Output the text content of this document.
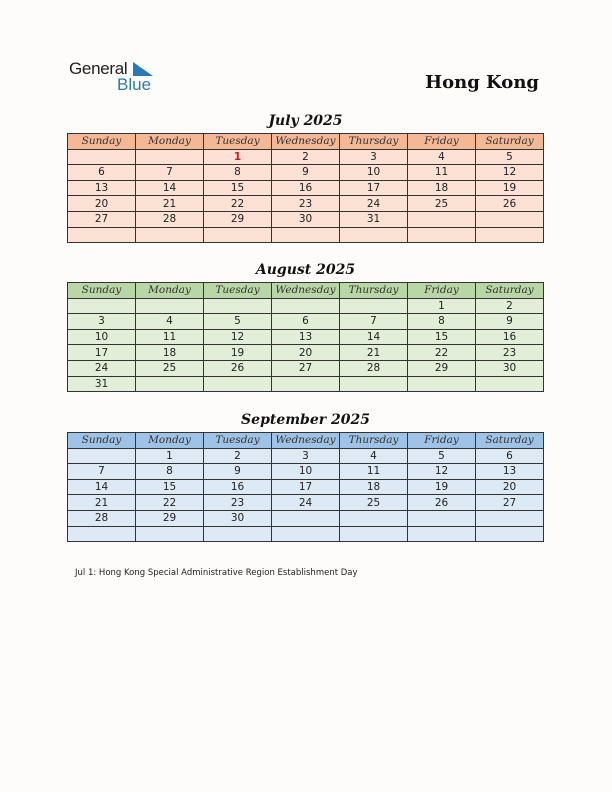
General
Blue	Hong Kong
July 2025
Sunday	Monday	Tuesday	Wednesday	Thursday	Friday	Saturday
		1	2	3	4	5
6	7	8	9	10	11	12
13	14	15	16	17	18	19
20	21	22	23	24	25	26
27	28	29	30	31		

August 2025
Sunday	Monday	Tuesday	Wednesday	Thursday	Friday	Saturday
					1	2
3	4	5	6	7	8	9
10	11	12	13	14	15	16
17	18	19	20	21	22	23
24	25	26	27	28	29	30
31						
September 2025
Sunday	Monday	Tuesday	Wednesday	Thursday	Friday	Saturday
	1	2	3	4	5	6
7	8	9	10	11	12	13
14	15	16	17	18	19	20
21	22	23	24	25	26	27
28	29	30				

Jul 1: Hong Kong Special Administrative Region Establishment Day
